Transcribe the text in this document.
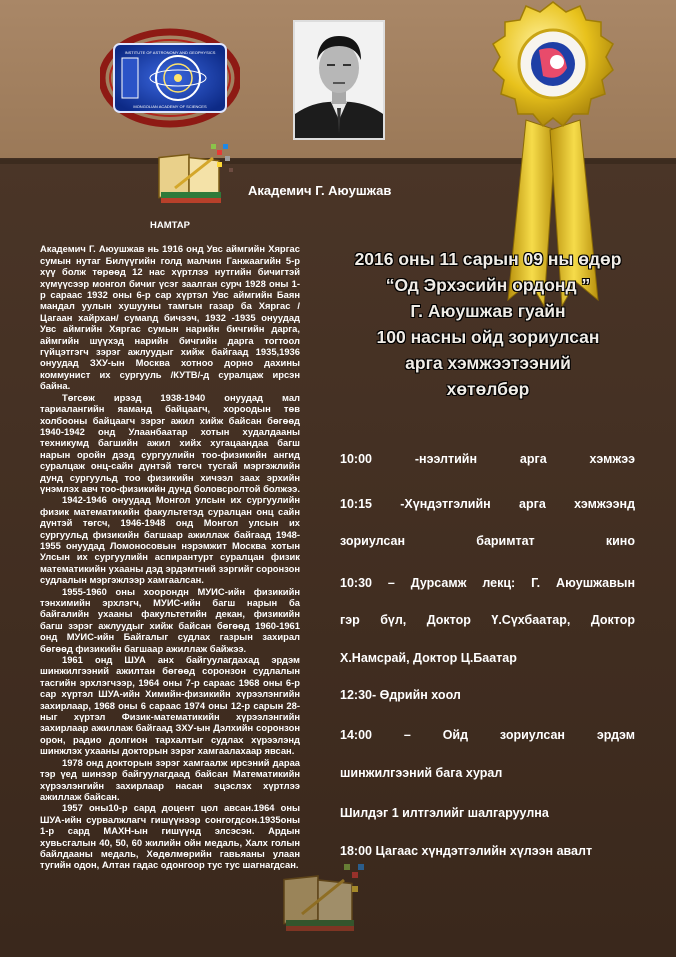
INSTITUTE OF ASTRONOMY AND GEOPHYSICS
MONGOLIAN ACADEMY OF SCIENCES
Академич Г. Аюушжав
НАМТАР

Академич Г. Аюушжав нь 1916 онд Увс аймгийн Хяргас сумын нутаг Билүүгийн голд малчин Ганжаагийн 5-р хүү болж төрөөд 12 нас хүртлээ нутгийн бичигтэй хүмүүсээр монгол бичиг үсэг заалган сурч 1928 оны 1-р сараас 1932 оны 6-р сар хүртэл Увс аймгийн Баян мандал уулын хушууны тамгын газар ба Хяргас /Цагаан хайрхан/ сумаnд бичээч, 1932 -1935 онуудад Увс аймгийн Хяргас сумын нарийн бичгийн дарга, аймгийн шүүхэд нарийн бичгийн дарга тогтоол гүйцэтгэгч зэрэг ажлуудыг хийж байгаад 1935,1936 онуудад ЗХУ-ын Москва хотноо дорно дахины коммунист их сургууль /КУТВ/-д суралцаж ирсэн байна.

Төгсөж ирээд 1938-1940 онуудад мал тариалангийн яаманд байцаагч, хороодын төв холбооны байцаагч зэрэг ажил хийж байсан бөгөөд 1940-1942 онд Улаанбаатар хотын худалдааны техникумд багшийн ажил хийх хугацаандаа багш нарын оройн дээд сургуулийн тоо-физикийн ангид суралцаж онц-сайн дүнтэй төгсч тусгай мэргэжлийн дунд сургуульд тоо физикийн хичээл заах эрхийн үнэмлэх авч тоо-физикийн дунд боловсролтой болжээ.

1942-1946 онуудад Монгол улсын их сургуулийн физик математикийн факультетэд суралцан онц сайн дүнтэй төгсч, 1946-1948 онд Монгол улсын их сургуульд физикийн багшаар ажиллаж байгаад 1948-1955 онуудад Ломоносовын нэрэмжит Москва хотын Улсын их сургуулийн аспирантурт суралцан физик математикийн ухааны дэд эрдэмтний зэргийг соронзон судлалын мэргэжлээр хамгаалсан.

1955-1960 оны хоорондн МУИС-ийн физикийн тэнхимийн эрхлэгч, МУИС-ийн багш нарын ба байгалийн ухааны факультетийн декан, физикийн багш зэрэг ажлуудыг хийж байсан бөгөөд 1960-1961 онд МУИС-ийн Байгалыг судлах газрын захирал бөгөөд физикийн багшаар ажиллаж байжээ.

1961 онд ШУА анх байгуулагдахад эрдэм шинжилгээний ажилтан бөгөөд соронзон судлалын тасгийн эрхлэгчээр, 1964 оны 7-р сараас 1968 оны 6-р сар хүртэл ШУА-ийн Химийн-физикийн хүрээлэнгийн захирлаар, 1968 оны 6 сараас 1974 оны 12-р сарын 28-ныг хүртэл Физик-математикийн хүрээлэнгийн захирлаар ажиллаж байгаад ЗХУ-ын Дэлхийн соронзон орон, радио долгион тархалтыг судлах хүрээлэнд шинжлэх ухааны докторын зэрэг хамгаалахаар явсан.

1978 онд докторын зэрэг хамгаалж ирсэний дараа тэр үед шинээр байгуулагдаад байсан Математикийн хүрээлэнгийн захирлаар насан эцэслэх хүртлээ ажиллаж байсан.

1957 оны10-р сард доцент цол авсан.1964 оны ШУА-ийн сурвалжлагч гишүүнээр сонгогдсон.1935оны 1-р сард МАХН-ын гишүүнд элсэсэн. Ардын хувьсгалын 40, 50, 60 жилийн ойн медаль, Халх голын байлдааны медаль, Хөдөлмөрийн гавьяаны улаан тугийн одон, Алтан гадас одонгоор тус тус шагнагдсан.

2016 оны 11 сарын 09 ны өдөр
“Од Эрхэсийн ордонд ”
Г. Аюушжав гуайн
100 насны ойд зориулсан
арга хэмжээтээний
хөтөлбөр
10:00 -нээлтийн арга хэмжээ
10:15 -Хүндэтгэлийн арга хэмжээнд
зориулсан баримтат кино
10:30 – Дурсамж лекц: Г. Аюушжавын
гэр бүл, Доктор Ү.Сүхбаатар, Доктор
Х.Намсрай, Доктор Ц.Баатар
12:30- Өдрийн хоол
14:00 – Ойд зориулсан эрдэм
шинжилгээний бага хурал
Шилдэг 1 илтгэлийг шалгаруулна
18:00 Цагаас хүндэтгэлийн хүлээн авалт
